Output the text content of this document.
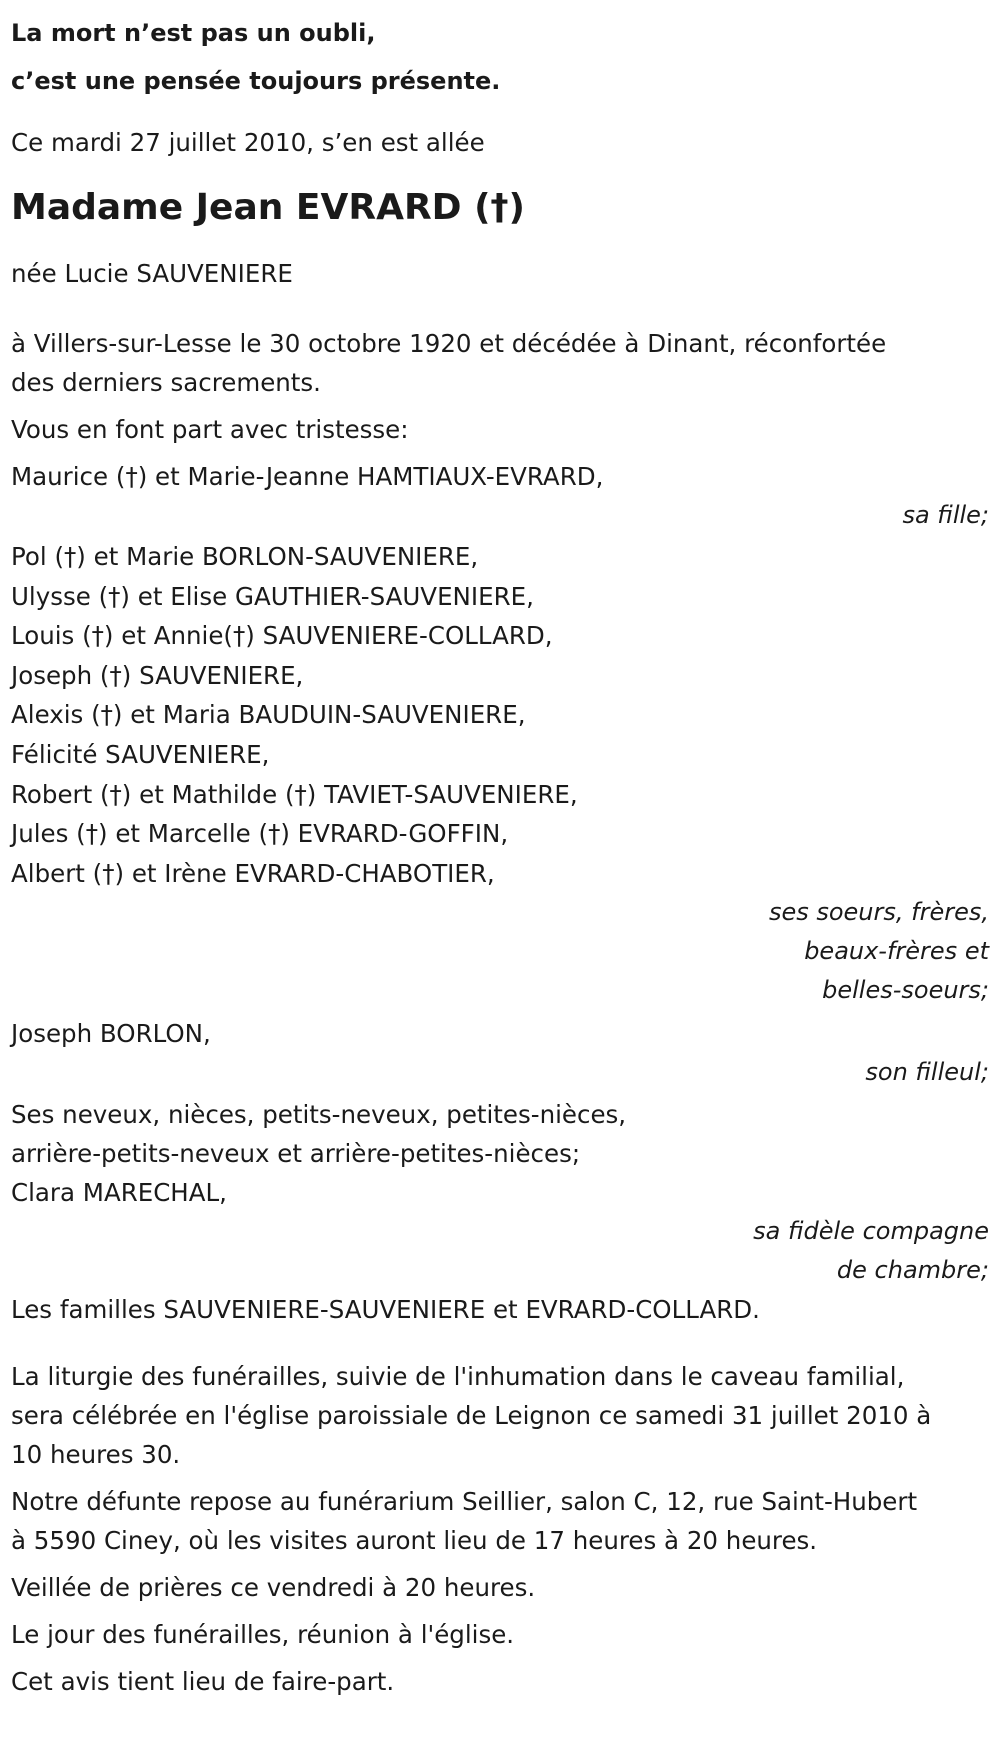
La mort n’est pas un oubli,
c’est une pensée toujours présente.

Ce mardi 27 juillet 2010, s’en est allée

Madame Jean EVRARD (†)

née Lucie SAUVENIERE

à Villers-sur-Lesse le 30 octobre 1920 et décédée à Dinant, réconfortée
des derniers sacrements.

Vous en font part avec tristesse:

Maurice (†) et Marie-Jeanne HAMTIAUX-EVRARD,
sa fille;
Pol (†) et Marie BORLON-SAUVENIERE,
Ulysse (†) et Elise GAUTHIER-SAUVENIERE,
Louis (†) et Annie(†) SAUVENIERE-COLLARD,
Joseph (†) SAUVENIERE,
Alexis (†) et Maria BAUDUIN-SAUVENIERE,
Félicité SAUVENIERE,
Robert (†) et Mathilde (†) TAVIET-SAUVENIERE,
Jules (†) et Marcelle (†) EVRARD-GOFFIN,
Albert (†) et Irène EVRARD-CHABOTIER,
ses soeurs, frères,
beaux-frères et
belles-soeurs;
Joseph BORLON,
son filleul;
Ses neveux, nièces, petits-neveux, petites-nièces,
arrière-petits-neveux et arrière-petites-nièces;
Clara MARECHAL,
sa fidèle compagne
de chambre;

Les familles SAUVENIERE-SAUVENIERE et EVRARD-COLLARD.

La liturgie des funérailles, suivie de l'inhumation dans le caveau familial,
sera célébrée en l'église paroissiale de Leignon ce samedi 31 juillet 2010 à
10 heures 30.
Notre défunte repose au funérarium Seillier, salon C, 12, rue Saint-Hubert
à 5590 Ciney, où les visites auront lieu de 17 heures à 20 heures.

Veillée de prières ce vendredi à 20 heures.

Le jour des funérailles, réunion à l'église.

Cet avis tient lieu de faire-part.
